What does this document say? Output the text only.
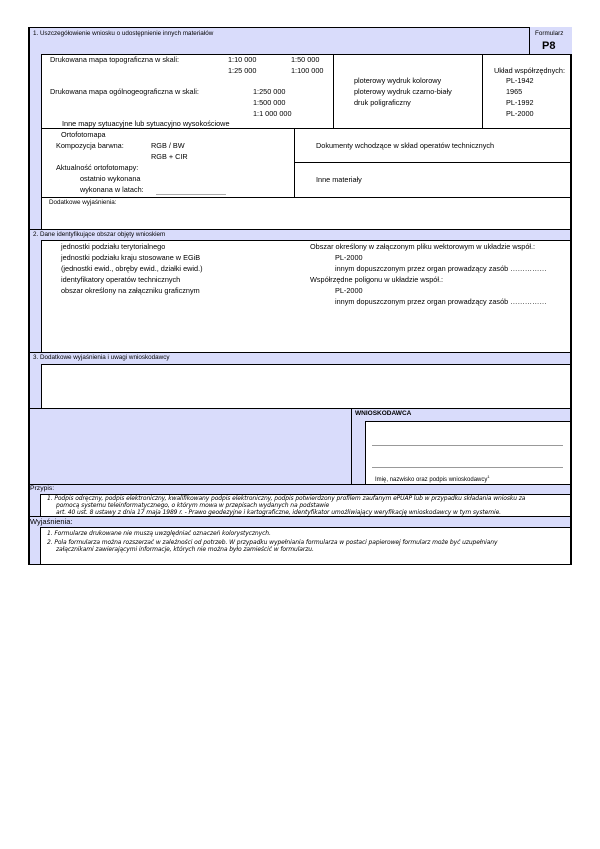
1. Uszczegółowienie wniosku o udostępnienie innych materiałów	Formularz
P8
Drukowana mapa topograficzna w skali:	1:10 000	1:50 000
1:25 000	1:100 000
Drukowana mapa ogólnogeograficzna w skali:	1:250 000
1:500 000
1:1 000 000
Inne mapy sytuacyjne lub sytuacyjno wysokościowe
ploterowy wydruk kolorowy
ploterowy wydruk czarno-biały
druk poligraficzny
Układ współrzędnych:
PL-1942
1965
PL-1992
PL-2000
Ortofotomapa
Kompozycja barwna:	RGB / BW
RGB + CIR
Aktualność ortofotomapy:
ostatnio wykonana
wykonana w latach:
Dokumenty wchodzące w skład operatów technicznych
Inne materiały
Dodatkowe wyjaśnienia:
2. Dane identyfikujące obszar objęty wnioskiem
jednostki podziału terytorialnego
jednostki podziału kraju stosowane w EGiB
(jednostki ewid., obręby ewid., działki ewid.)
identyfikatory operatów technicznych
obszar określony na załączniku graficznym
Obszar określony w załączonym pliku wektorowym w układzie współ.:
PL-2000
innym dopuszczonym przez organ prowadzący zasób ……………
Współrzędne poligonu w układzie współ.:
PL-2000
innym dopuszczonym przez organ prowadzący zasób ……………
3. Dodatkowe wyjaśnienia i uwagi wnioskodawcy
WNIOSKODAWCA
Imię, nazwisko oraz podpis wnioskodawcy$^1$
Przypis:
1. Podpis odręczny, podpis elektroniczny, kwalifikowany podpis elektroniczny, podpis potwierdzony profilem zaufanym ePUAP lub w przypadku składania wniosku za
pomocą systemu teleinformatycznego, o którym mowa w przepisach wydanych na podstawie
art. 40 ust. 8 ustawy z dnia 17 maja 1989 r. - Prawo geodezyjne i kartograficzne, identyfikator umożliwiający weryfikację wnioskodawcy w tym systemie.
Wyjaśnienia:
1. Formularze drukowane nie muszą uwzględniać oznaczeń kolorystycznych.
2. Pola formularza można rozszerzać w zależności od potrzeb. W przypadku wypełniania formularza w postaci papierowej formularz może być uzupełniany
załącznikami zawierającymi informacje, których nie można było zamieścić w formularzu.
